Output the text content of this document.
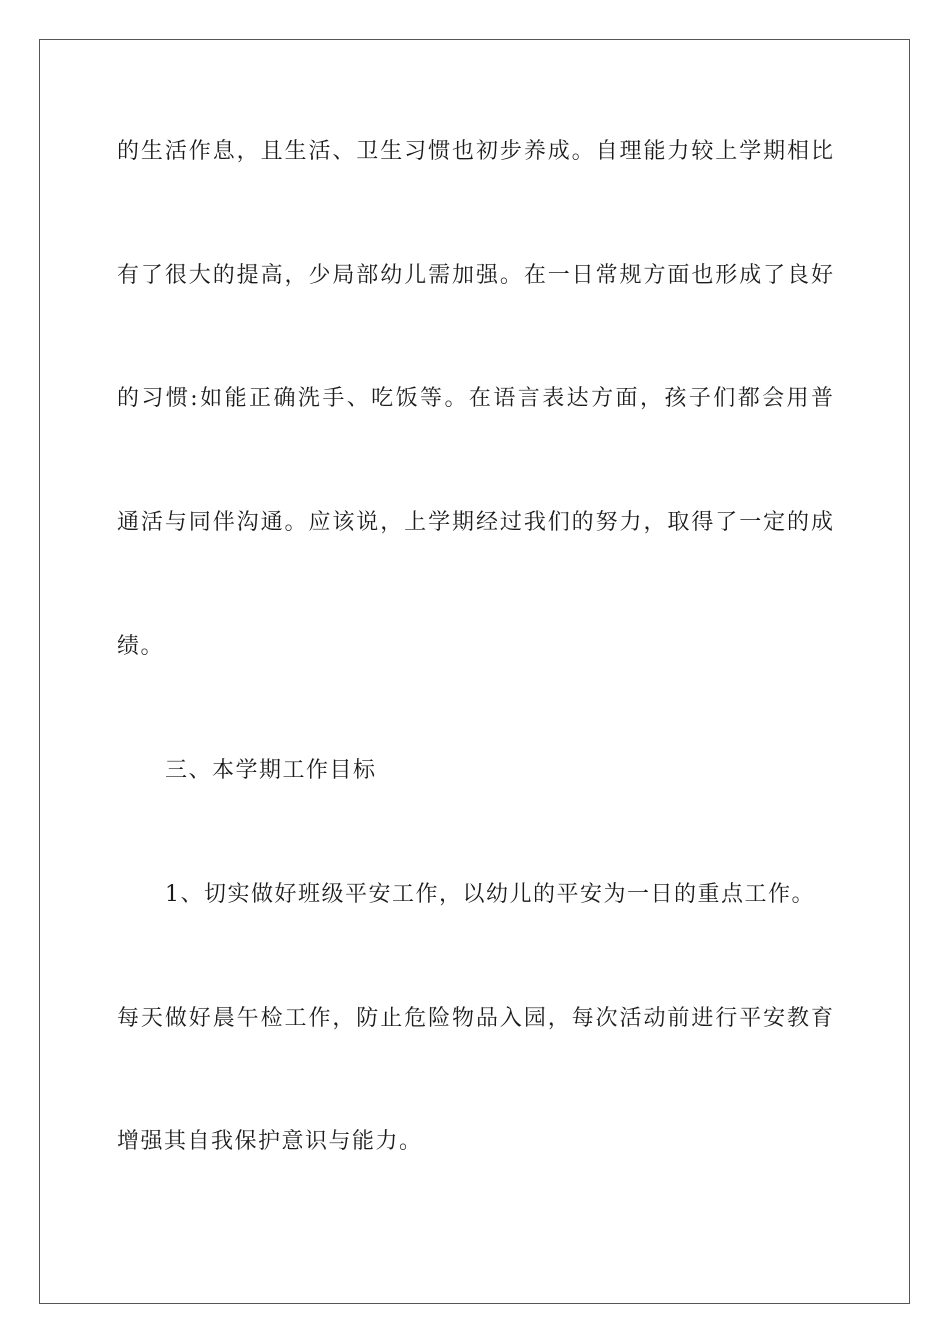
的生活作息，且生活、卫生习惯也初步养成。自理能力较上学期相比
有了很大的提高，少局部幼儿需加强。在一日常规方面也形成了良好
的习惯:如能正确洗手、吃饭等。在语言表达方面，孩子们都会用普
通活与同伴沟通。应该说，上学期经过我们的努力，取得了一定的成
绩。
三、本学期工作目标
1、切实做好班级平安工作，以幼儿的平安为一日的重点工作。
每天做好晨午检工作，防止危险物品入园，每次活动前进行平安教育
增强其自我保护意识与能力。
